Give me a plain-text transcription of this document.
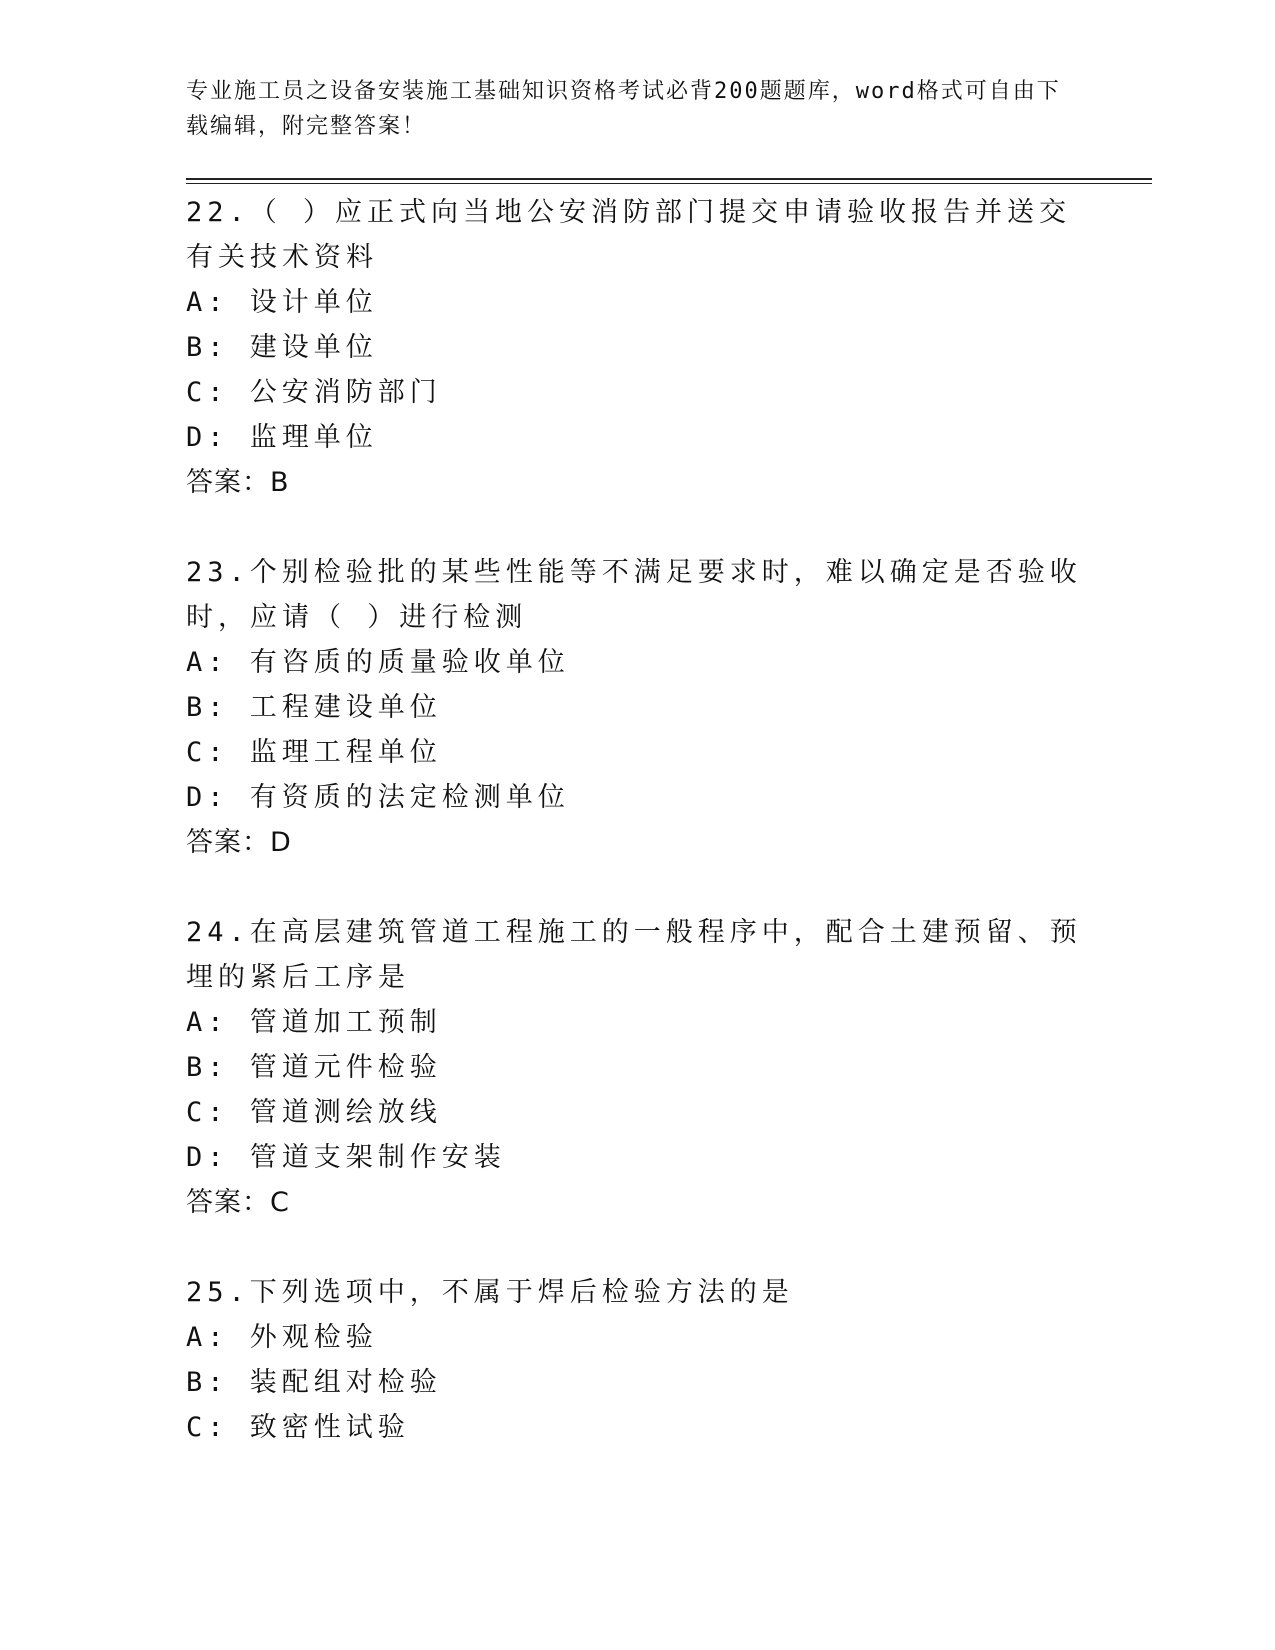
专业施工员之设备安装施工基础知识资格考试必背200题题库，word格式可自由下载编辑，附完整答案！
22.（ ）应正式向当地公安消防部门提交申请验收报告并送交有关技术资料
A: 设计单位
B: 建设单位
C: 公安消防部门
D: 监理单位
答案：B
23.个别检验批的某些性能等不满足要求时，难以确定是否验收时，应请（ ）进行检测
A: 有咨质的质量验收单位
B: 工程建设单位
C: 监理工程单位
D: 有资质的法定检测单位
答案：D
24.在高层建筑管道工程施工的一般程序中，配合土建预留、预埋的紧后工序是
A: 管道加工预制
B: 管道元件检验
C: 管道测绘放线
D: 管道支架制作安装
答案：C
25.下列选项中，不属于焊后检验方法的是
A: 外观检验
B: 装配组对检验
C: 致密性试验
